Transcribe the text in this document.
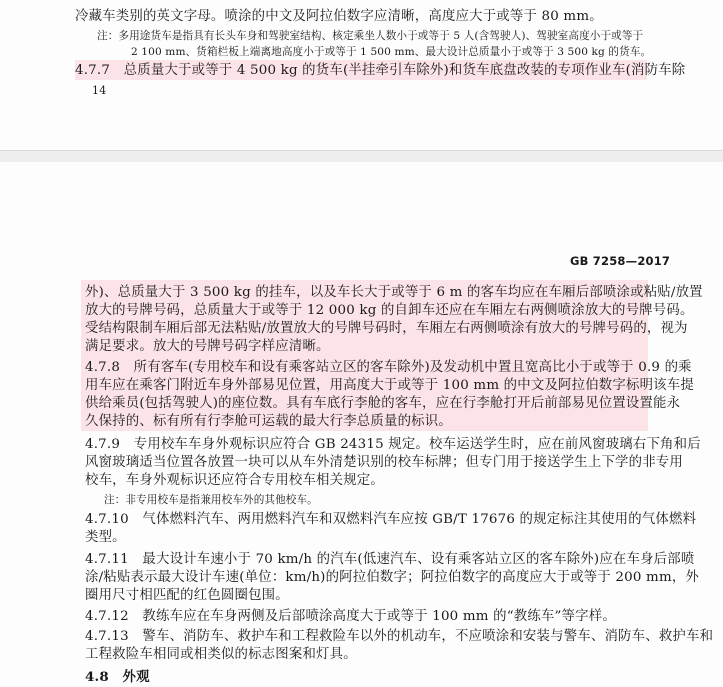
冷藏车类别的英文字母。喷涂的中文及阿拉伯数字应清晰，高度应大于或等于 80 mm。
注：多用途货车是指具有长头车身和驾驶室结构、核定乘坐人数小于或等于 5 人(含驾驶人)、驾驶室高度小于或等于
2 100 mm、货箱栏板上端离地高度小于或等于 1 500 mm、最大设计总质量小于或等于 3 500 kg 的货车。
4.7.7　总质量大于或等于 4 500 kg 的货车(半挂牵引车除外)和货车底盘改装的专项作业车(消防车除
14
GB 7258—2017
外)、总质量大于 3 500 kg 的挂车，以及车长大于或等于 6 m 的客车均应在车厢后部喷涂或粘贴/放置
放大的号牌号码，总质量大于或等于 12 000 kg 的自卸车还应在车厢左右两侧喷涂放大的号牌号码。
受结构限制车厢后部无法粘贴/放置放大的号牌号码时，车厢左右两侧喷涂有放大的号牌号码的，视为
满足要求。放大的号牌号码字样应清晰。
4.7.8　所有客车(专用校车和设有乘客站立区的客车除外)及发动机中置且宽高比小于或等于 0.9 的乘
用车应在乘客门附近车身外部易见位置，用高度大于或等于 100 mm 的中文及阿拉伯数字标明该车提
供给乘员(包括驾驶人)的座位数。具有车底行李舱的客车，应在行李舱打开后前部易见位置设置能永
久保持的、标有所有行李舱可运载的最大行李总质量的标识。
4.7.9　专用校车车身外观标识应符合 GB 24315 规定。校车运送学生时，应在前风窗玻璃右下角和后
风窗玻璃适当位置各放置一块可以从车外清楚识别的校车标牌；但专门用于接送学生上下学的非专用
校车，车身外观标识还应符合专用校车相关规定。
注：非专用校车是指兼用校车外的其他校车。
4.7.10　气体燃料汽车、两用燃料汽车和双燃料汽车应按 GB/T 17676 的规定标注其使用的气体燃料
类型。
4.7.11　最大设计车速小于 70 km/h 的汽车(低速汽车、设有乘客站立区的客车除外)应在车身后部喷
涂/粘贴表示最大设计车速(单位：km/h)的阿拉伯数字；阿拉伯数字的高度应大于或等于 200 mm，外
圈用尺寸相匹配的红色圆圈包围。
4.7.12　教练车应在车身两侧及后部喷涂高度大于或等于 100 mm 的“教练车”等字样。
4.7.13　警车、消防车、救护车和工程救险车以外的机动车，不应喷涂和安装与警车、消防车、救护车和
工程救险车相同或相类似的标志图案和灯具。
4.8　外观
